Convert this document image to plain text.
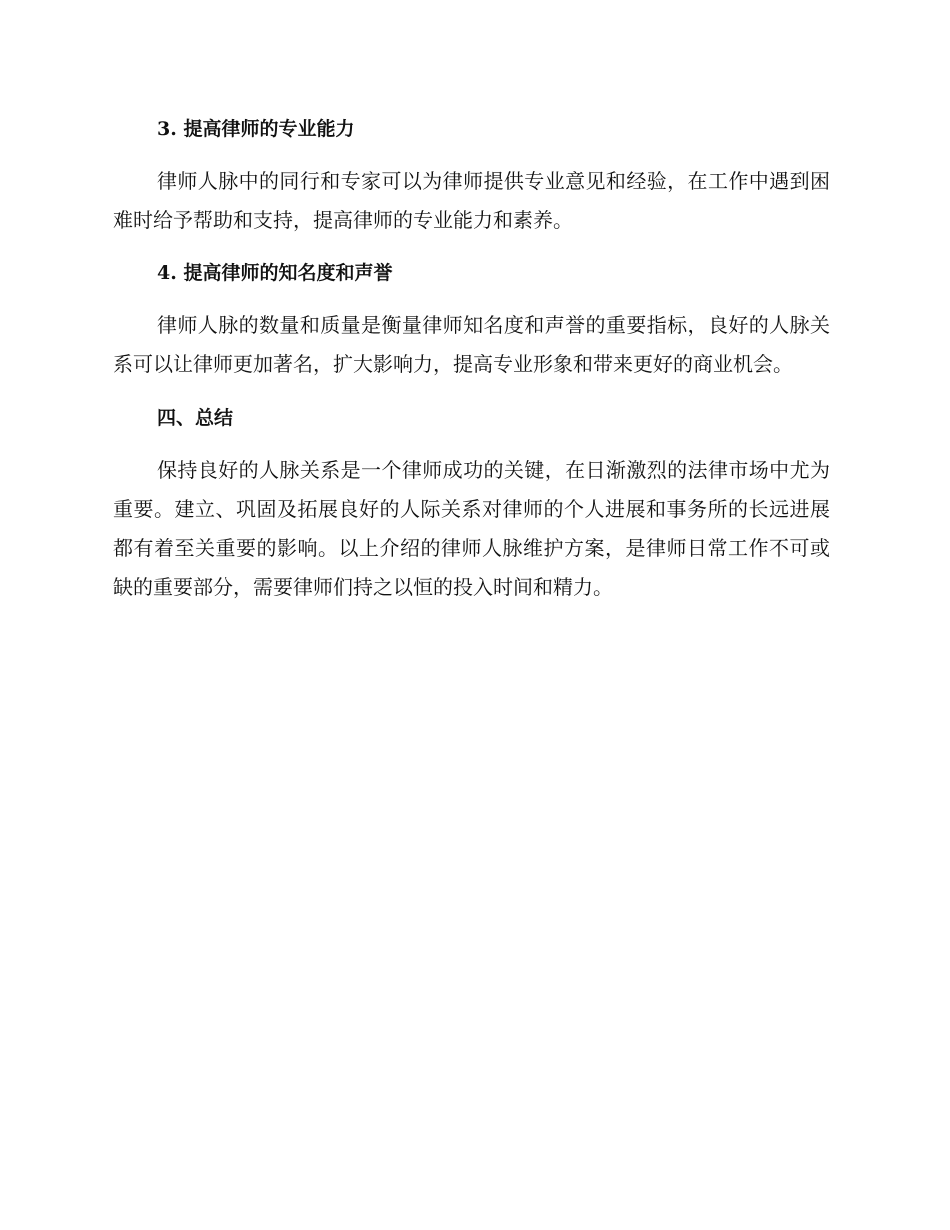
3. 提高律师的专业能力

律师人脉中的同行和专家可以为律师提供专业意见和经验，在工作中遇到困难时给予帮助和支持，提高律师的专业能力和素养。

4. 提高律师的知名度和声誉

律师人脉的数量和质量是衡量律师知名度和声誉的重要指标，良好的人脉关系可以让律师更加著名，扩大影响力，提高专业形象和带来更好的商业机会。

四、总结

保持良好的人脉关系是一个律师成功的关键，在日渐激烈的法律市场中尤为重要。建立、巩固及拓展良好的人际关系对律师的个人进展和事务所的长远进展都有着至关重要的影响。以上介绍的律师人脉维护方案，是律师日常工作不可或缺的重要部分，需要律师们持之以恒的投入时间和精力。
